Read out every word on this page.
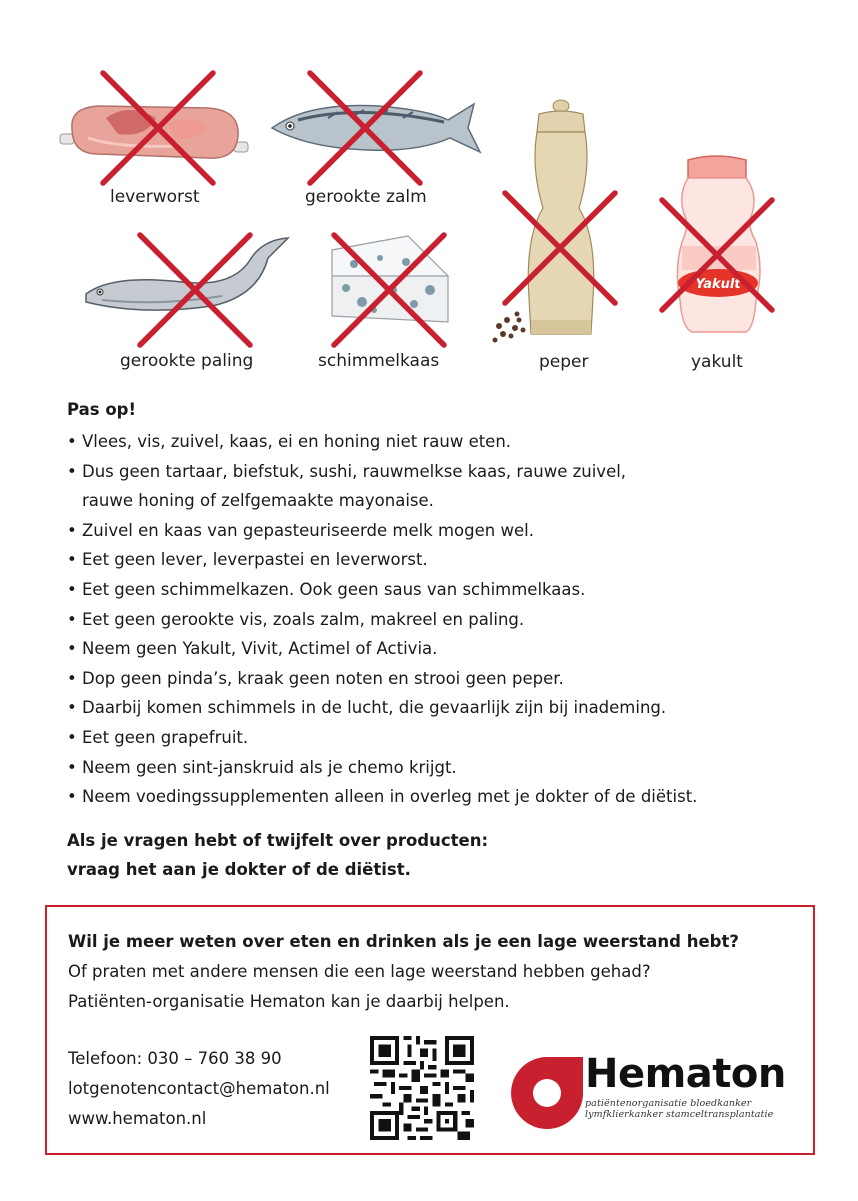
leverworst	gerookte zalm
peper
Yakult
yakult
gerookte paling	schimmelkaas
Pas op!
• Vlees, vis, zuivel, kaas, ei en honing niet rauw eten.
• Dus geen tartaar, biefstuk, sushi, rauwmelkse kaas, rauwe zuivel,
rauwe honing of zelfgemaakte mayonaise.
• Zuivel en kaas van gepasteuriseerde melk mogen wel.
• Eet geen lever, leverpastei en leverworst.
• Eet geen schimmelkazen. Ook geen saus van schimmelkaas.
• Eet geen gerookte vis, zoals zalm, makreel en paling.
• Neem geen Yakult, Vivit, Actimel of Activia.
• Dop geen pinda’s, kraak geen noten en strooi geen peper.
• Daarbij komen schimmels in de lucht, die gevaarlijk zijn bij inademing.
• Eet geen grapefruit.
• Neem geen sint-janskruid als je chemo krijgt.
• Neem voedingssupplementen alleen in overleg met je dokter of de diëtist.
Als je vragen hebt of twijfelt over producten:
vraag het aan je dokter of de diëtist.
Wil je meer weten over eten en drinken als je een lage weerstand hebt?
Of praten met andere mensen die een lage weerstand hebben gehad?
Patiënten-organisatie Hematon kan je daarbij helpen.
Telefoon: 030 – 760 38 90
lotgenotencontact@hematon.nl
www.hematon.nl
Hematon
patiëntenorganisatie bloedkanker
lymfklierkanker stamceltransplantatie
